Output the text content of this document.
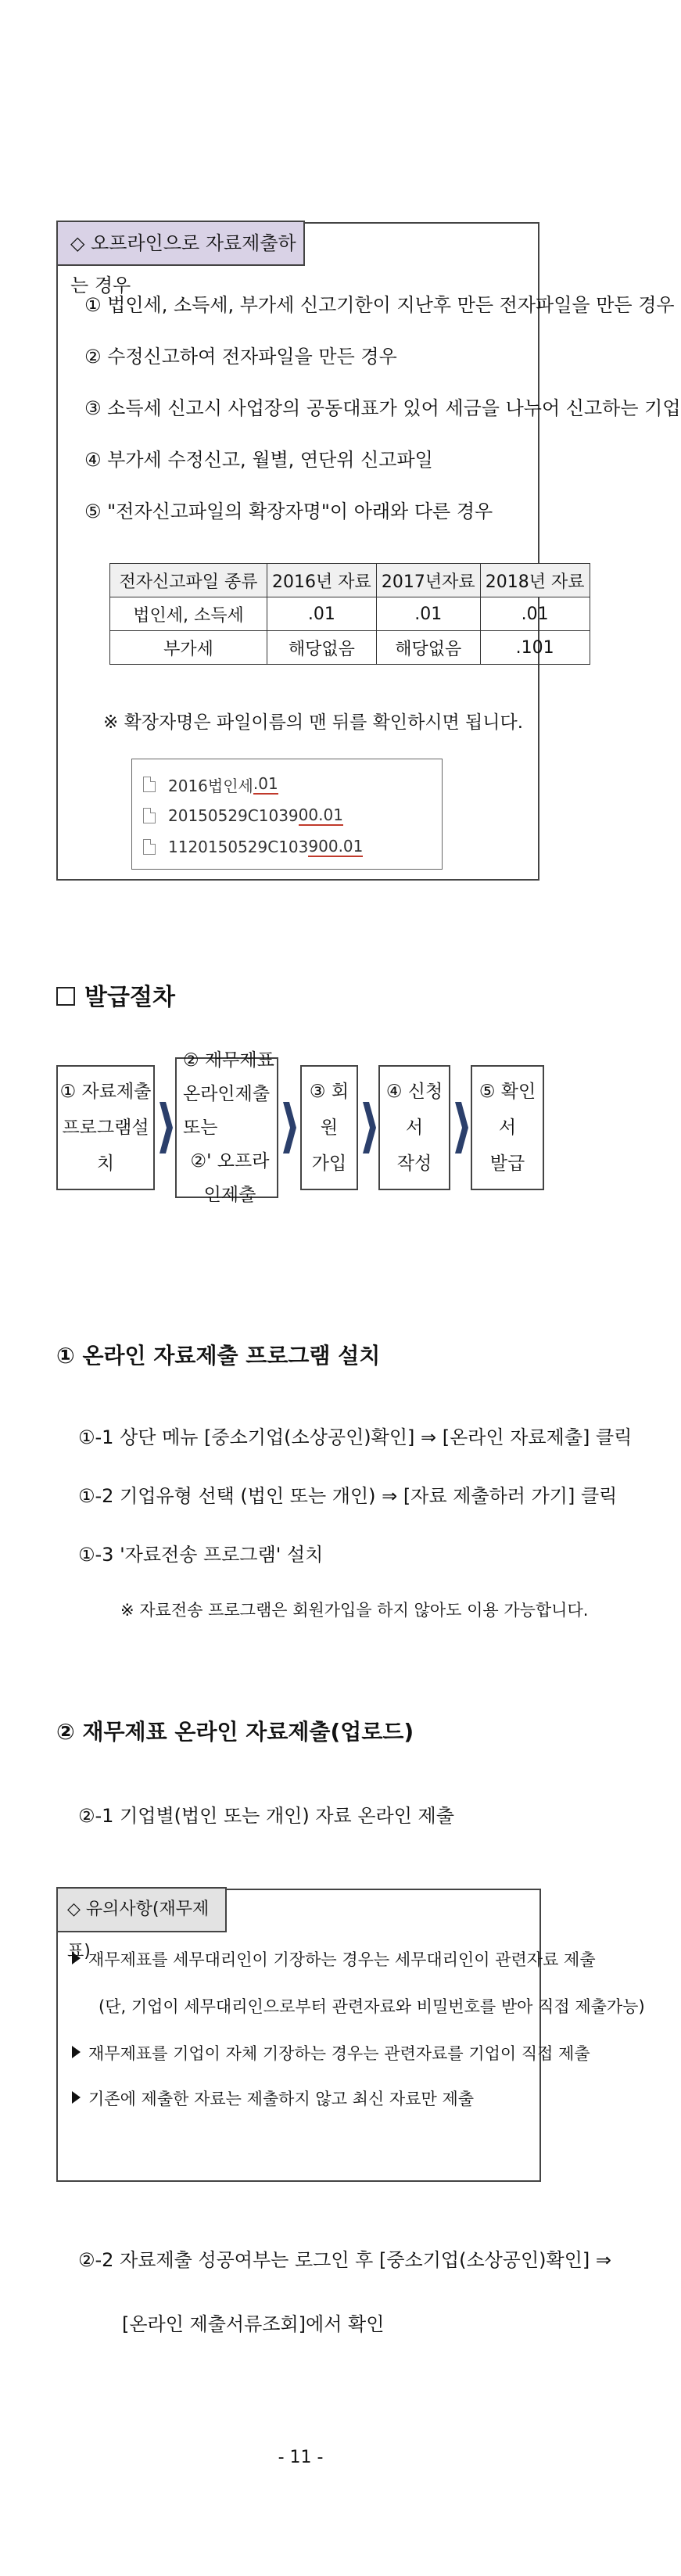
◇ 오프라인으로 자료제출하는 경우
① 법인세, 소득세, 부가세 신고기한이 지난후 만든 전자파일을 만든 경우
② 수정신고하여 전자파일을 만든 경우
③ 소득세 신고시 사업장의 공동대표가 있어 세금을 나누어 신고하는 기업
④ 부가세 수정신고, 월별, 연단위 신고파일
⑤ "전자신고파일의 확장자명"이 아래와 다른 경우
전자신고파일 종류	2016년 자료	2017년자료	2018년 자료
법인세, 소득세	.01	.01	.01
부가세	해당없음	해당없음	.101
※ 확장자명은 파일이름의 맨 뒤를 확인하시면 됩니다.
2016법인세 .01
20150529C1039 00.01
1120150529C103 900.01
발급절차
① 자료제출
프로그램설치
② 재무제표
온라인제출
또는
②' 오프라인제출
③ 회원
가입
④ 신청서
작성
⑤ 확인서
발급
① 온라인 자료제출 프로그램 설치
①-1 상단 메뉴 [중소기업(소상공인)확인] ⇒ [온라인 자료제출] 클릭
①-2 기업유형 선택 (법인 또는 개인) ⇒ [자료 제출하러 가기] 클릭
①-3 '자료전송 프로그램' 설치
※ 자료전송 프로그램은 회원가입을 하지 않아도 이용 가능합니다.
② 재무제표 온라인 자료제출(업로드)
②-1 기업별(법인 또는 개인) 자료 온라인 제출
◇ 유의사항(재무제표)
재무제표를 세무대리인이 기장하는 경우는 세무대리인이 관련자료 제출
(단, 기업이 세무대리인으로부터 관련자료와 비밀번호를 받아 직접 제출가능)
재무제표를 기업이 자체 기장하는 경우는 관련자료를 기업이 직접 제출
기존에 제출한 자료는 제출하지 않고 최신 자료만 제출
②-2 자료제출 성공여부는 로그인 후 [중소기업(소상공인)확인] ⇒
[온라인 제출서류조회]에서 확인
- 11 -
